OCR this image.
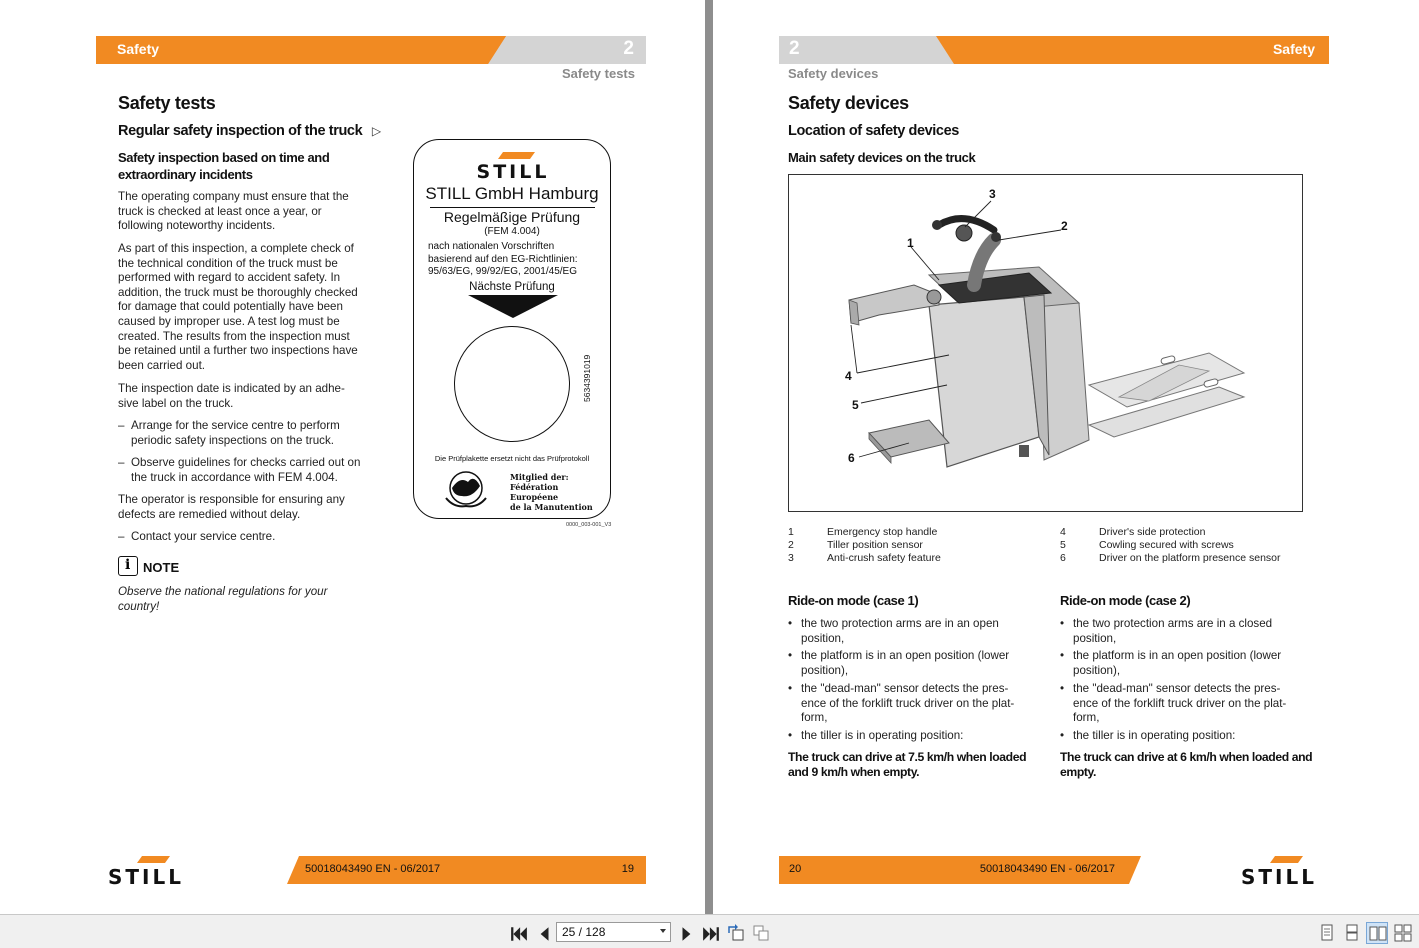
Safety	2
Safety tests
Safety tests
Regular safety inspection of the truck ▷
Safety inspection based on time and extraordinary incidents
The operating company must ensure that the truck is checked at least once a year, or following noteworthy incidents.
As part of this inspection, a complete check of the technical condition of the truck must be performed with regard to accident safety. In addition, the truck must be thoroughly checked for damage that could potentially have been caused by improper use. A test log must be created. The results from the inspection must be retained until a further two inspections have been carried out.
The inspection date is indicated by an adhe-sive label on the truck.
– Arrange for the service centre to perform periodic safety inspections on the truck.
– Observe guidelines for checks carried out on the truck in accordance with FEM 4.004.
The operator is responsible for ensuring any defects are remedied without delay.
– Contact your service centre.
i NOTE
Observe the national regulations for your country!
STILL
STILL GmbH Hamburg
Regelmäßige Prüfung
(FEM 4.004)
nach nationalen Vorschriften basierend auf den EG-Richtlinien: 95/63/EG, 99/92/EG, 2001/45/EG
Nächste Prüfung
5634391019
Die Prüfplakette ersetzt nicht das Prüfprotokoll
Mitglied der:
Fédération
Européene
de la Manutention
0000_003-001_V3
STILL	50018043490 EN - 06/2017	19
2	Safety
Safety devices
Safety devices
Location of safety devices
Main safety devices on the truck
1
2
3
4
5
6
1	Emergency stop handle
2	Tiller position sensor
3	Anti-crush safety feature
4	Driver's side protection
5	Cowling secured with screws
6	Driver on the platform presence sensor
Ride-on mode (case 1)
• the two protection arms are in an open position,
• the platform is in an open position (lower position),
• the "dead-man" sensor detects the pres-ence of the forklift truck driver on the plat-form,
• the tiller is in operating position:
The truck can drive at 7.5 km/h when loaded and 9 km/h when empty.
Ride-on mode (case 2)
• the two protection arms are in a closed position,
• the platform is in an open position (lower position),
• the "dead-man" sensor detects the pres-ence of the forklift truck driver on the plat-form,
• the tiller is in operating position:
The truck can drive at 6 km/h when loaded and empty.
20	50018043490 EN - 06/2017	STILL
25 / 128
